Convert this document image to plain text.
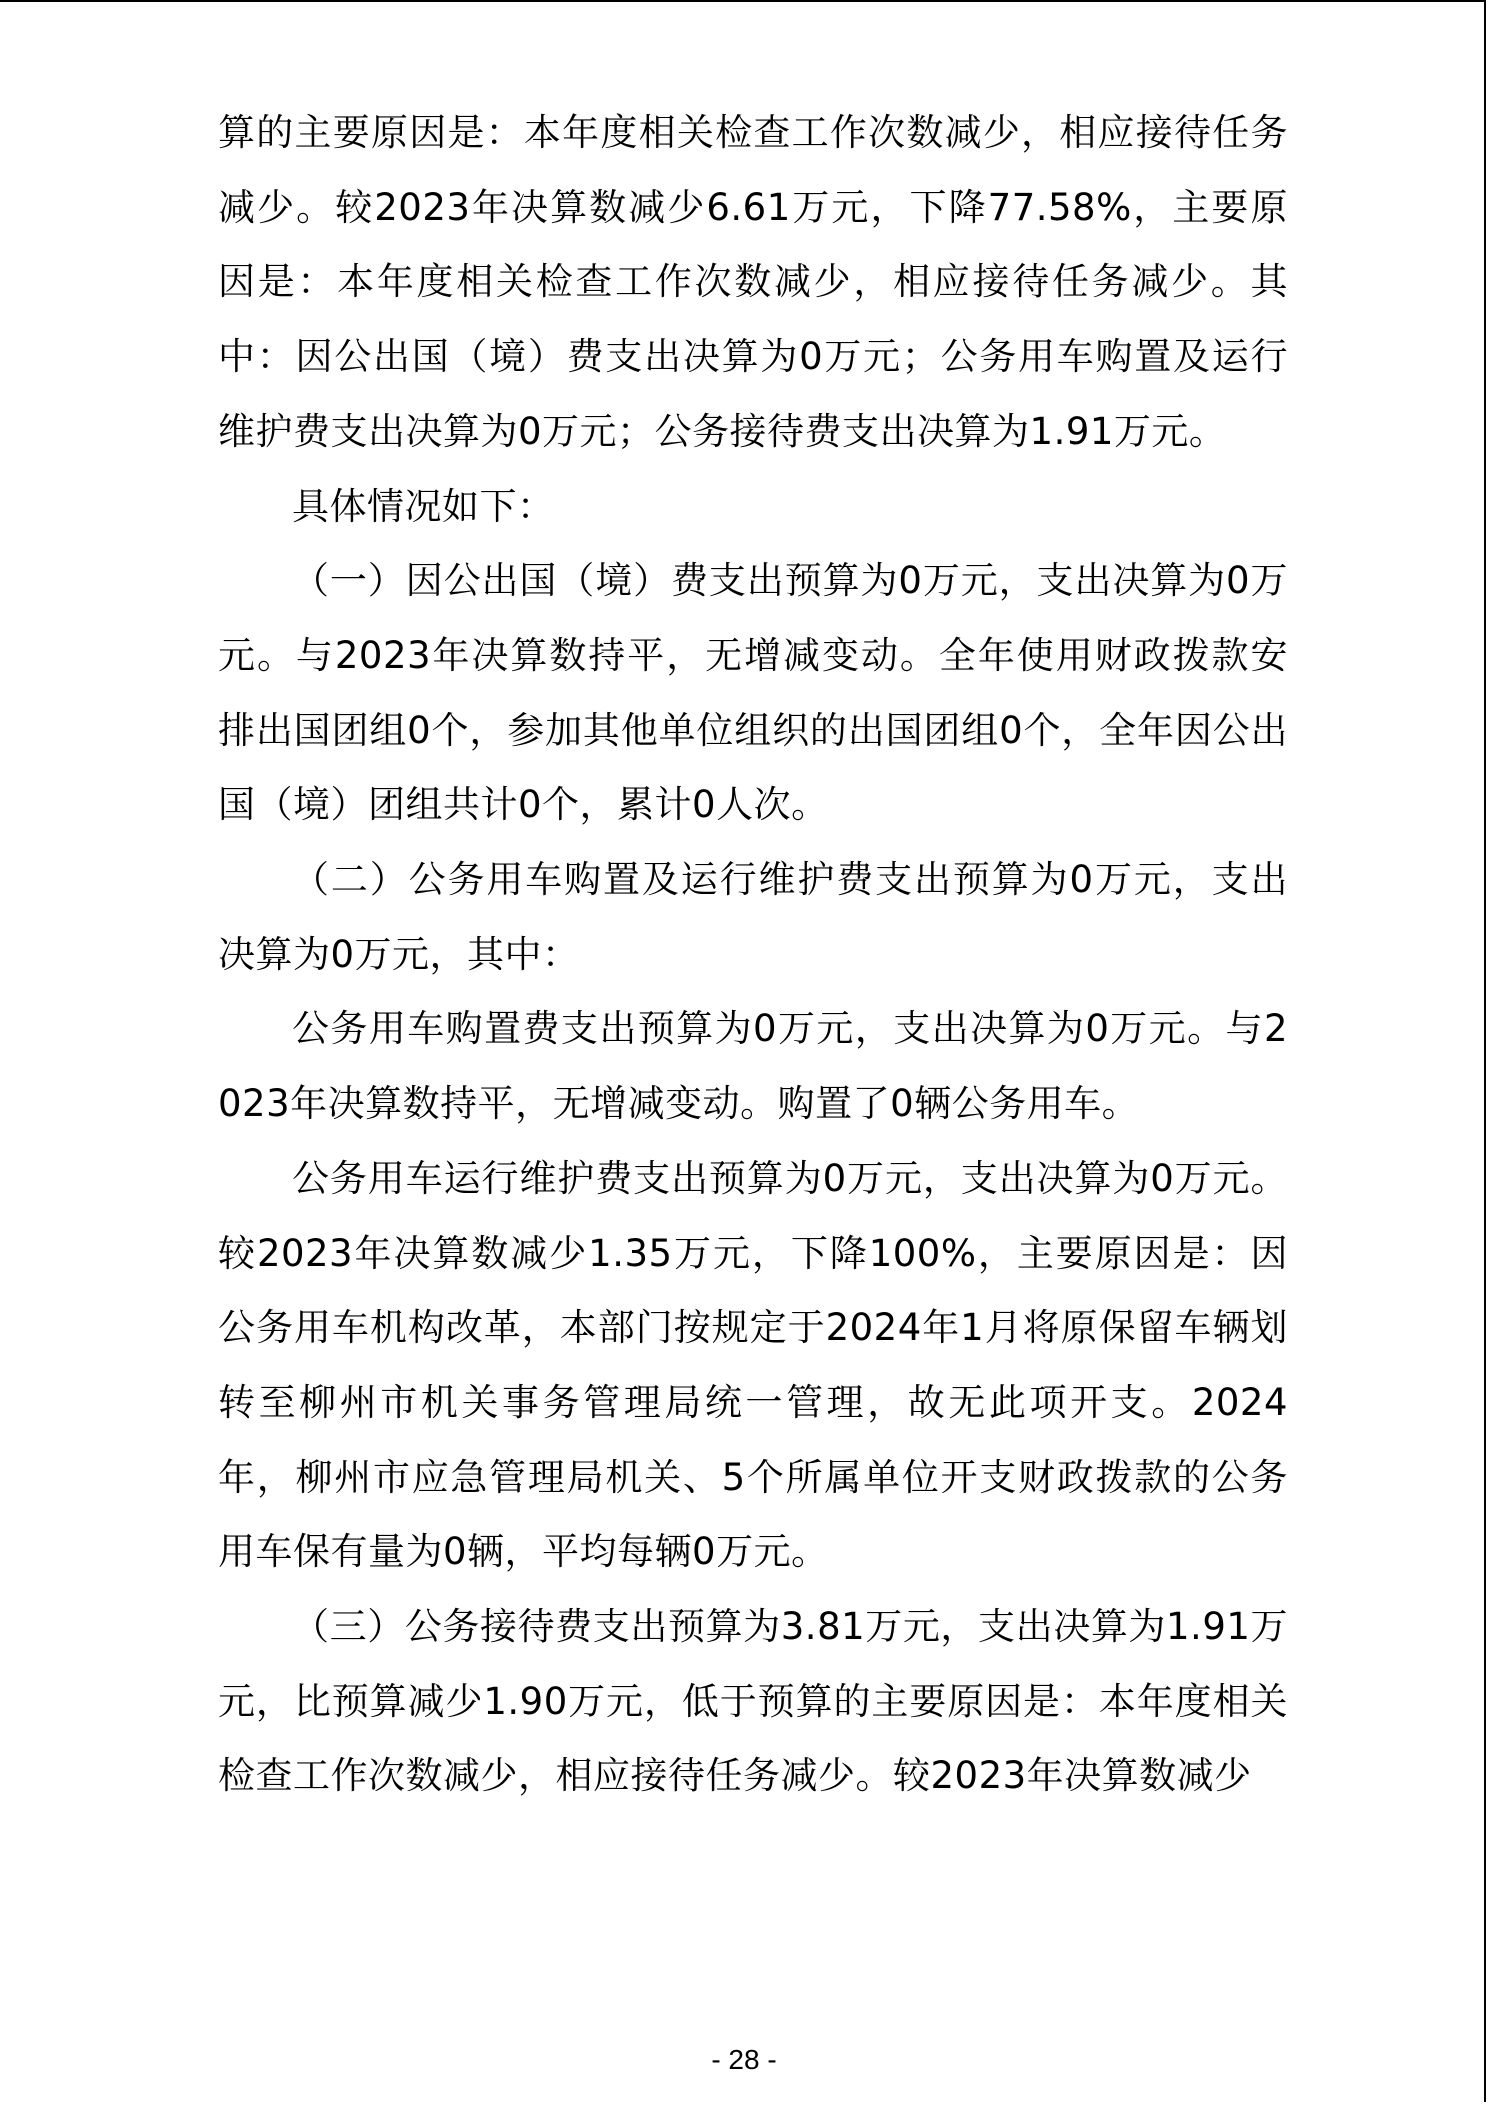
算的主要原因是：本年度相关检查工作次数减少，相应接待任务减少。较2023年决算数减少6.61万元，下降77.58%，主要原因是：本年度相关检查工作次数减少，相应接待任务减少。其中：因公出国（境）费支出决算为0万元；公务用车购置及运行维护费支出决算为0万元；公务接待费支出决算为1.91万元。

具体情况如下：

（一）因公出国（境）费支出预算为0万元，支出决算为0万元。与2023年决算数持平，无增减变动。全年使用财政拨款安排出国团组0个，参加其他单位组织的出国团组0个，全年因公出国（境）团组共计0个，累计0人次。

（二）公务用车购置及运行维护费支出预算为0万元，支出决算为0万元，其中：

公务用车购置费支出预算为0万元，支出决算为0万元。与2023年决算数持平，无增减变动。购置了0辆公务用车。

公务用车运行维护费支出预算为0万元，支出决算为0万元。较2023年决算数减少1.35万元，下降100%，主要原因是：因公务用车机构改革，本部门按规定于2024年1月将原保留车辆划转至柳州市机关事务管理局统一管理，故无此项开支。2024年，柳州市应急管理局机关、5个所属单位开支财政拨款的公务用车保有量为0辆，平均每辆0万元。

（三）公务接待费支出预算为3.81万元，支出决算为1.91万元，比预算减少1.90万元，低于预算的主要原因是：本年度相关检查工作次数减少，相应接待任务减少。较2023年决算数减少

- 28 -
